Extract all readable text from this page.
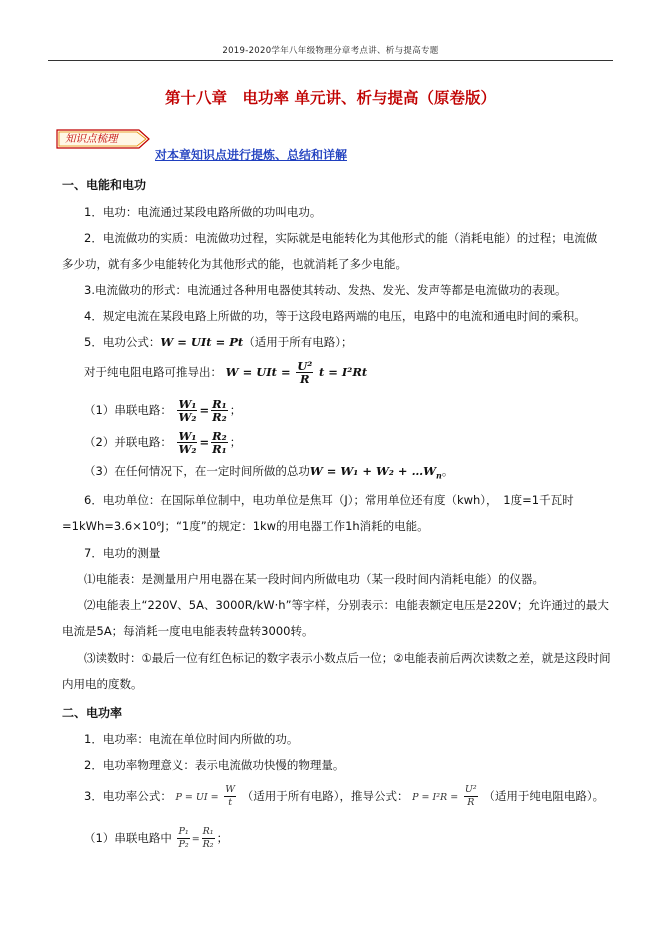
2019-2020学年八年级物理分章考点讲、析与提高专题
第十八章　电功率 单元讲、析与提高（原卷版）
知识点梳理
对本章知识点进行提炼、总结和详解
一、电能和电功
1．电功：电流通过某段电路所做的功叫电功。
2．电流做功的实质：电流做功过程，实际就是电能转化为其他形式的能（消耗电能）的过程；电流做
多少功，就有多少电能转化为其他形式的能，也就消耗了多少电能。
3.电流做功的形式：电流通过各种用电器使其转动、发热、发光、发声等都是电流做功的表现。
4．规定电流在某段电路上所做的功，等于这段电路两端的电压，电路中的电流和通电时间的乘积。
5．电功公式：W = UIt = Pt（适用于所有电路）；
对于纯电阻电路可推导出： W = UIt = $\frac{\text{U²}}{R}$ t = I²Rt
（1）串联电路： $\frac{\text{W₁}}{\text{W₂}} = \frac{\text{R₁}}{\text{R₂}}$ ；
（2）并联电路： $\frac{\text{W₁}}{\text{W₂}} = \frac{\text{R₂}}{\text{R₁}}$ ；
（3）在任何情况下，在一定时间所做的总功$W = W_1 + W_2 + \dots W_n$。
6．电功单位：在国际单位制中，电功单位是焦耳（J）；常用单位还有度（kwh），　1度=1千瓦时
=1kWh=3.6×10⁶J；“1度”的规定：1kw的用电器工作1h消耗的电能。
7．电功的测量
⑴电能表：是测量用户用电器在某一段时间内所做电功（某一段时间内消耗电能）的仪器。
⑵电能表上“220V、5A、3000R/kW·h”等字样，分别表示：电能表额定电压是220V；允许通过的最大
电流是5A；每消耗一度电电能表转盘转3000转。
⑶读数时：①最后一位有红色标记的数字表示小数点后一位；②电能表前后两次读数之差，就是这段时间
内用电的度数。
二、电功率
1．电功率：电流在单位时间内所做的功。
2．电功率物理意义：表示电流做功快慢的物理量。
3．电功率公式： P = UI = $\frac{W}{t}$ （适用于所有电路），推导公式： $P = I^2R = \frac{\text{U²}}{R}$ （适用于纯电阻电路）。
（1）串联电路中 $\frac{\text{P₁}}{\text{P₂}} = \frac{\text{R₁}}{\text{R₂}}$ ；
